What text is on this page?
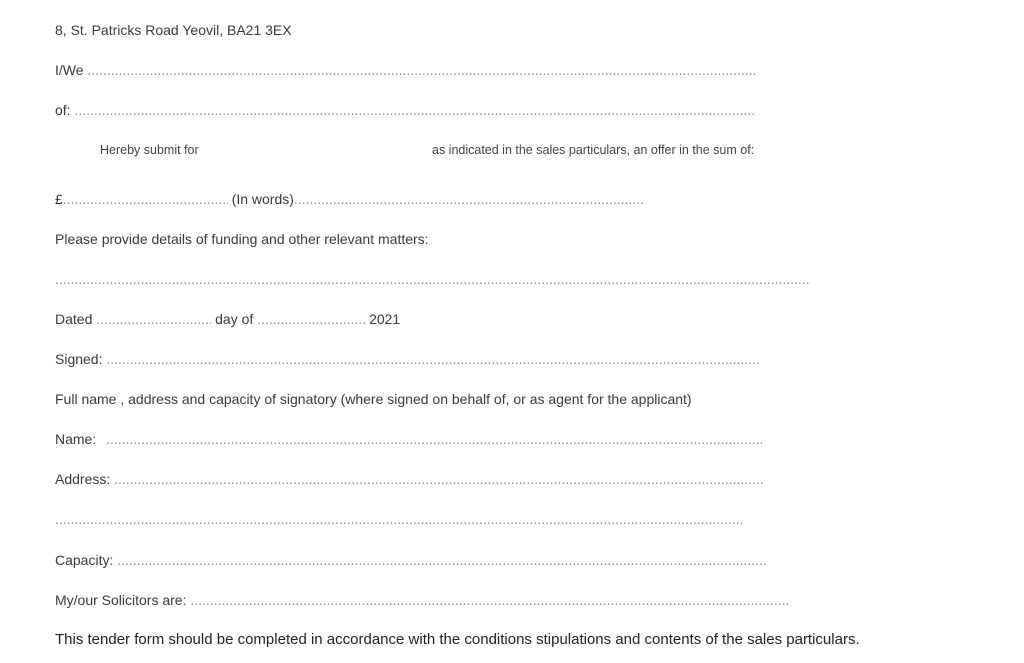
8, St. Patricks Road Yeovil, BA21 3EX
I/We .....
of: .....
Hereby submit for	as indicated in the sales particulars, an offer in the sum of:
£ .....	(In words).....
Please provide details of funding and other relevant matters:
.....
Dated .....	day of .....	2021
Signed: .....
Full name , address and capacity of signatory (where signed on behalf of, or as agent for the applicant)
Name: .....
Address: .....
.....
Capacity: .....
My/our Solicitors are: .....
This tender form should be completed in accordance with the conditions stipulations and contents of the sales particulars.
